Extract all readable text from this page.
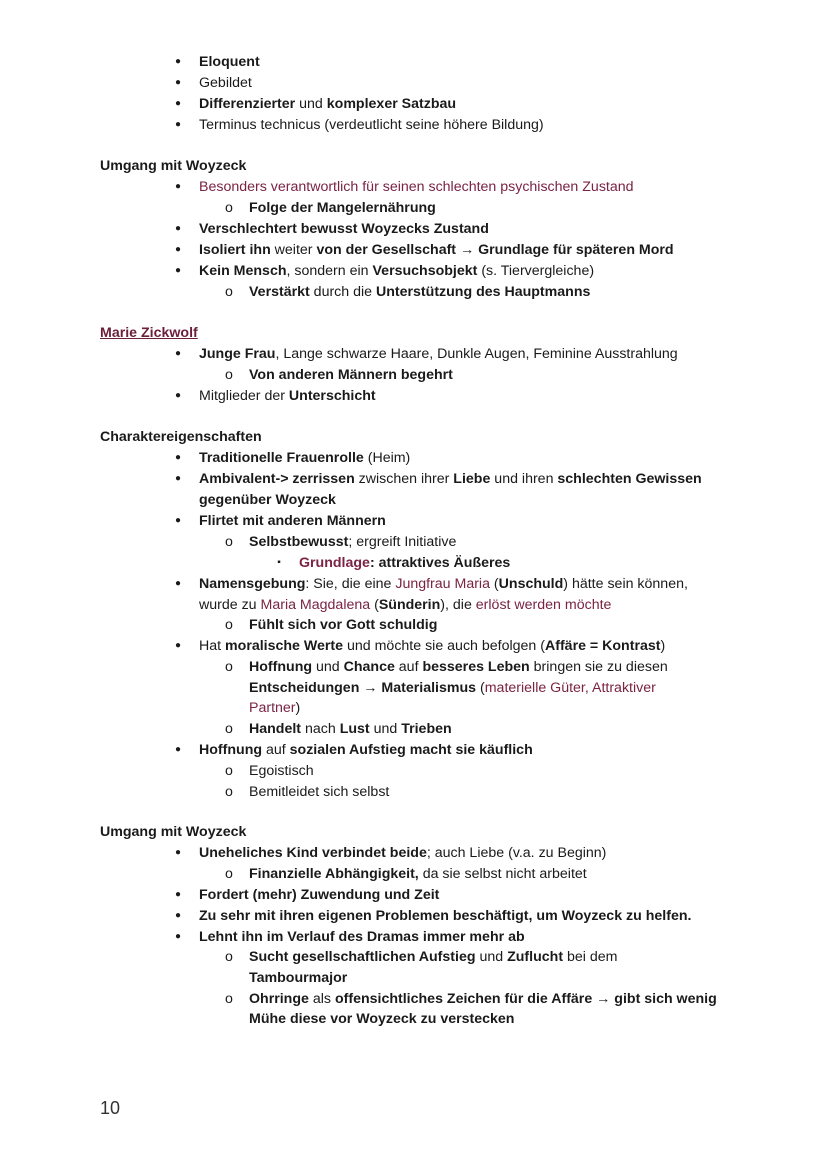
● Eloquent
● Gebildet
● Differenzierter und komplexer Satzbau
● Terminus technicus (verdeutlicht seine höhere Bildung)
Umgang mit Woyzeck
● Besonders verantwortlich für seinen schlechten psychischen Zustand
o Folge der Mangelernährung
● Verschlechtert bewusst Woyzecks Zustand
● Isoliert ihn weiter von der Gesellschaft → Grundlage für späteren Mord
● Kein Mensch, sondern ein Versuchsobjekt (s. Tiervergleiche)
o Verstärkt durch die Unterstützung des Hauptmanns
Marie Zickwolf
● Junge Frau, Lange schwarze Haare, Dunkle Augen, Feminine Ausstrahlung
o Von anderen Männern begehrt
● Mitglieder der Unterschicht
Charaktereigenschaften
● Traditionelle Frauenrolle (Heim)
● Ambivalent-> zerrissen zwischen ihrer Liebe und ihren schlechten Gewissen
gegenüber Woyzeck
● Flirtet mit anderen Männern
o Selbstbewusst; ergreift Initiative
▪	Grundlage: attraktives Äußeres
● Namensgebung: Sie, die eine Jungfrau Maria (Unschuld) hätte sein können,
wurde zu Maria Magdalena (Sünderin), die erlöst werden möchte
o Fühlt sich vor Gott schuldig
● Hat moralische Werte und möchte sie auch befolgen (Affäre = Kontrast)
o Hoffnung und Chance auf besseres Leben bringen sie zu diesen
Entscheidungen → Materialismus (materielle Güter, Attraktiver
Partner)
o Handelt nach Lust und Trieben
● Hoffnung auf sozialen Aufstieg macht sie käuflich
o Egoistisch
o Bemitleidet sich selbst
Umgang mit Woyzeck
● Uneheliches Kind verbindet beide; auch Liebe (v.a. zu Beginn)
o Finanzielle Abhängigkeit, da sie selbst nicht arbeitet
● Fordert (mehr) Zuwendung und Zeit
● Zu sehr mit ihren eigenen Problemen beschäftigt, um Woyzeck zu helfen.
● Lehnt ihn im Verlauf des Dramas immer mehr ab
o Sucht gesellschaftlichen Aufstieg und Zuflucht bei dem
Tambourmajor
o Ohrringe als offensichtliches Zeichen für die Affäre → gibt sich wenig
Mühe diese vor Woyzeck zu verstecken
10
